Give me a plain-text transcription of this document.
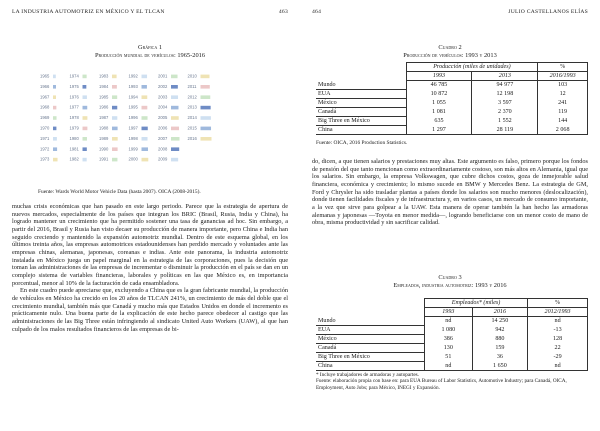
LA INDUSTRIA AUTOMOTRIZ EN MÉXICO Y EL TLCAN	463
Gráfica 1
Producción mundial de vehículos: 1965-2016
1965
1966
1967
1968
1969
1970
1971
1972
1973
1974
1975
1976
1977
1978
1979
1980
1981
1982
1983
1984
1985
1986
1987
1988
1989
1990
1991
1992
1993
1994
1995
1996
1997
1998
1999
2000
2001
2002
2003
2004
2005
2006
2007
2008
2009
2010
2011
2012
2013
2014
2015
2016
Fuente: Wards World Motor Vehicle Data (hasta 2007). OICA (2008-2015).

muchas crisis económicas que han pasado en este largo periodo. Parece que la estrategia de apertura de nuevos mercados, especialmente de los países que integran los BRIC (Brasil, Rusia, India y China), ha logrado mantener un crecimiento que ha permitido sostener una tasa de ganancias ad hoc. Sin embargo, a partir del 2016, Brasil y Rusia han visto decaer su producción de manera importante, pero China e India han seguido creciendo y mantenido la expansión automotriz mundial. Dentro de este esquema global, en los últimos treinta años, las empresas automotrices estadounidenses han perdido mercado y voluntades ante las empresas chinas, alemanas, japonesas, coreanas e indias. Ante este panorama, la industria automotriz instalada en México juega un papel marginal en la estrategia de las corporaciones, pues la decisión que toman las administraciones de las empresas de incrementar o disminuir la producción en el país se dan en un complejo sistema de variables financieras, laborales y políticas en las que México es, en importancia porcentual, menor al 10% de la facturación de cada ensambladora.

En este cuadro puede apreciarse que, excluyendo a China que es la gran fabricante mundial, la producción de vehículos en México ha crecido en los 20 años de TLCAN 241%, un crecimiento de más del doble que el crecimiento mundial, también más que Canadá y mucho más que Estados Unidos en donde el incremento es prácticamente nulo. Una buena parte de la explicación de este hecho parece obedecer al castigo que las administraciones de las Big Three están infringiendo al sindicato United Auto Workers (UAW), al que han culpado de los malos resultados financieros de las empresas de bi-

464	JULIO CASTELLANOS ELÍAS
Cuadro 2
Producción de vehículos: 1993 y 2013
	Producción (miles de unidades)		%
	1993	2013	2016/1993
Mundo	46 785	94 977	103
EUA	10 872	12 198	12
México	1 055	3 597	241
Canadá	1 081	2 370	119
Big Three en México	635	1 552	144
China	1 297	28 119	2 068
Fuente: OICA, 2016 Production Statistics.

do, dicen, a que tienen salarios y prestaciones muy altas. Este argumento es falso, primero porque los fondos de pensión del que tanto mencionan como extraordinariamente costoso, son más altos en Alemania, igual que los salarios. Sin embargo, la empresa Volkswagen, que cubre dichos costos, goza de inmejorable salud financiera, económica y crecimiento; lo mismo sucede en BMW y Mercedes Benz. La estrategia de GM, Ford y Chrysler ha sido trasladar plantas a países donde los salarios son mucho menores (deslocalización), donde tienen facilidades fiscales y de infraestructura y, en varios casos, un mercado de consumo importante, a la vez que sirve para golpear a la UAW. Esta manera de operar también la han hecho las armadoras alemanas y japonesas —Toyota en menor medida—, logrando beneficiarse con un menor costo de mano de obra, misma productividad y sin sacrificar calidad.

Cuadro 3
Empleados, industria automotriz: 1993 y 2016
	Empleados* (miles)		%
	1993	2016	2012/1993
Mundo	nd	14 250	nd
EUA	1 080	942	-13
México	386	880	128
Canadá	130	159	22
Big Three en México	51	36	-29
China	nd	1 650	nd
* Incluye trabajadores de armadoras y autopartes.
Fuente: elaboración propia con base en: para EUA Bureau of Labor Statistics, Automotive Industry; para Canadá, OICA, Employment, Auto Jobs; para México, INEGI y Expansión.
